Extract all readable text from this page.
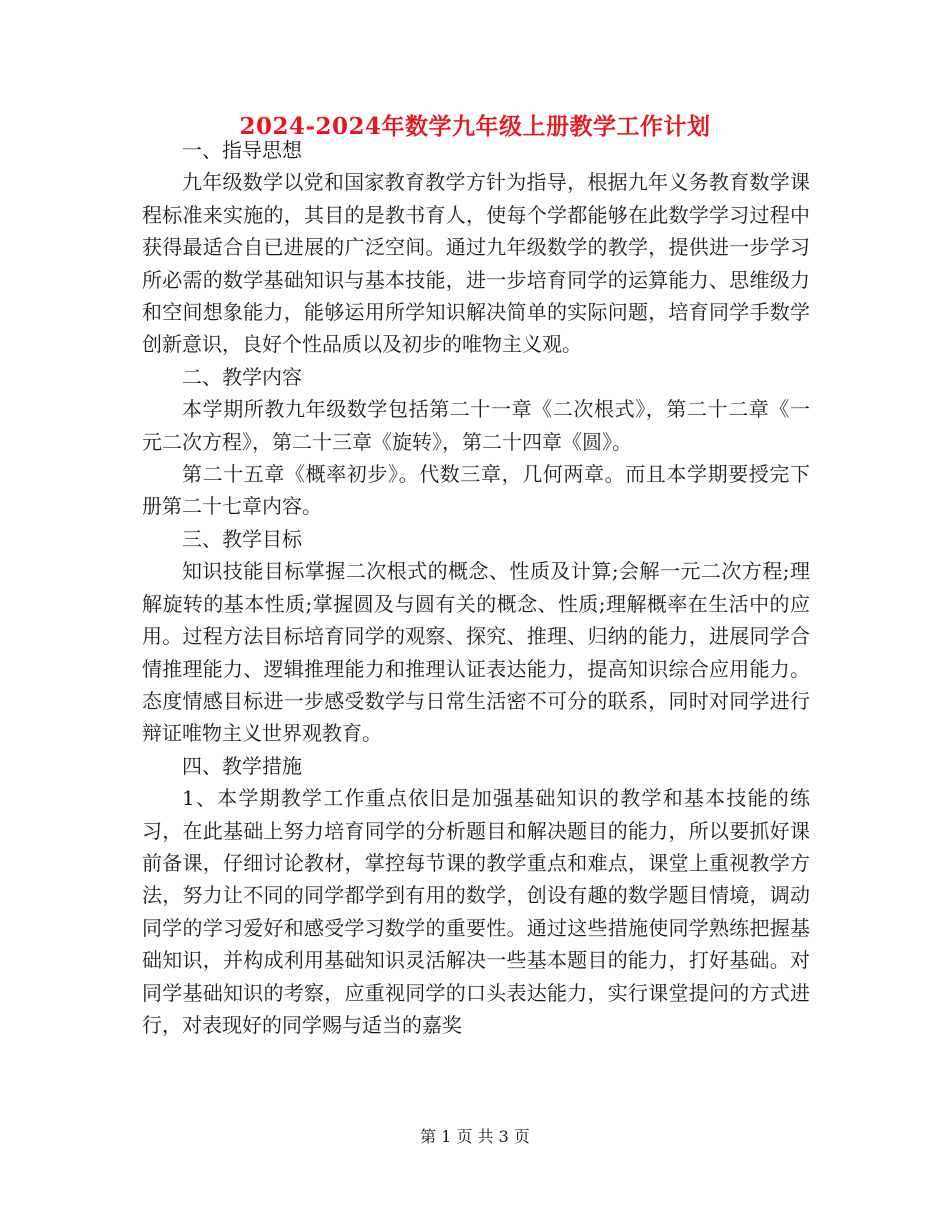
2024-2024年数学九年级上册教学工作计划

一、指导思想

九年级数学以党和国家教育教学方针为指导，根据九年义务教育数学课程标准来实施的，其目的是教书育人，使每个学都能够在此数学学习过程中获得最适合自已进展的广泛空间。通过九年级数学的教学，提供进一步学习所必需的数学基础知识与基本技能，进一步培育同学的运算能力、思维级力和空间想象能力，能够运用所学知识解决简单的实际问题，培育同学手数学创新意识，良好个性品质以及初步的唯物主义观。

二、教学内容

本学期所教九年级数学包括第二十一章《二次根式》，第二十二章《一元二次方程》，第二十三章《旋转》，第二十四章《圆》。

第二十五章《概率初步》。代数三章，几何两章。而且本学期要授完下册第二十七章内容。

三、教学目标

知识技能目标掌握二次根式的概念、性质及计算;会解一元二次方程;理解旋转的基本性质;掌握圆及与圆有关的概念、性质;理解概率在生活中的应用。过程方法目标培育同学的观察、探究、推理、归纳的能力，进展同学合情推理能力、逻辑推理能力和推理认证表达能力，提高知识综合应用能力。态度情感目标进一步感受数学与日常生活密不可分的联系，同时对同学进行辩证唯物主义世界观教育。

四、教学措施

1、本学期教学工作重点依旧是加强基础知识的教学和基本技能的练习，在此基础上努力培育同学的分析题目和解决题目的能力，所以要抓好课前备课，仔细讨论教材，掌控每节课的教学重点和难点，课堂上重视教学方法，努力让不同的同学都学到有用的数学，创设有趣的数学题目情境，调动同学的学习爱好和感受学习数学的重要性。通过这些措施使同学熟练把握基础知识，并构成利用基础知识灵活解决一些基本题目的能力，打好基础。对同学基础知识的考察，应重视同学的口头表达能力，实行课堂提问的方式进行，对表现好的同学赐与适当的嘉奖

第 1 页 共 3 页
